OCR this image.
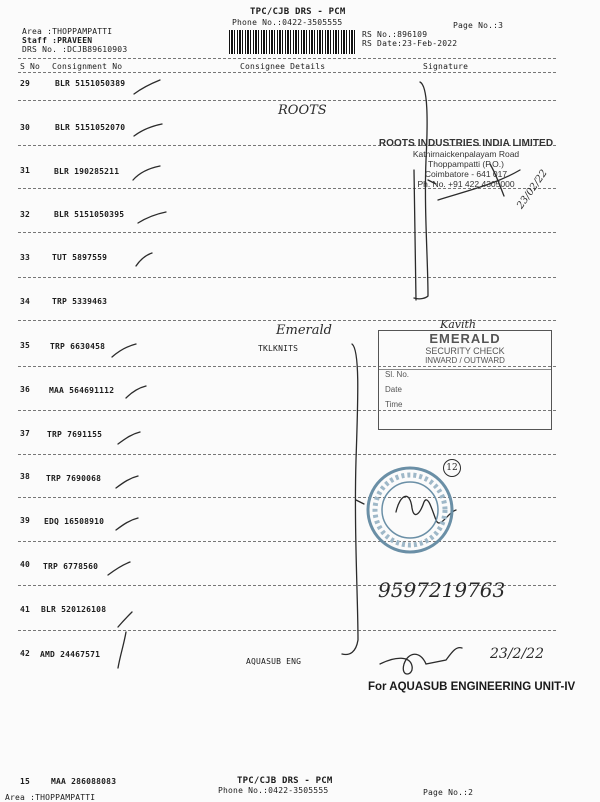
TPC/CJB DRS - PCM
Phone No.:0422-3505555	Page No.:3
Area :THOPPAMPATTI
Staff :PRAVEEN
DRS No. :DCJB89610903
RS No.:896109
RS Date:23-Feb-2022
S No Consignment No	Consignee Details	Signature
29	BLR 5151050389
30	BLR 5151052070
31	BLR 190285211
32	BLR 5151050395
33	TUT 5897559
34	TRP 5339463
35 TRP 6630458	TKLKNITS
36 MAA 564691112
37 TRP 7691155
38 TRP 7690068
39 EDQ 16508910
40 TRP 6778560
41 BLR 520126108
42 AMD 24467571
AQUASUB ENG
ROOTS
Emerald	Kavith
9597219763
23/02/22
23/2/22
12
ROOTS INDUSTRIES INDIA LIMITED
Kathirnaickenpalayam Road
Thoppampatti (P.O.)
Coimbatore - 641 017
Ph. No. +91 422 4305000
EMERALD
SECURITY CHECK
INWARD / OUTWARD
Sl. No.
Date
Time
For AQUASUB ENGINEERING UNIT-IV
15	MAA 286088083	TPC/CJB DRS - PCM
Phone No.:0422-3505555	Page No.:2
Area :THOPPAMPATTI
